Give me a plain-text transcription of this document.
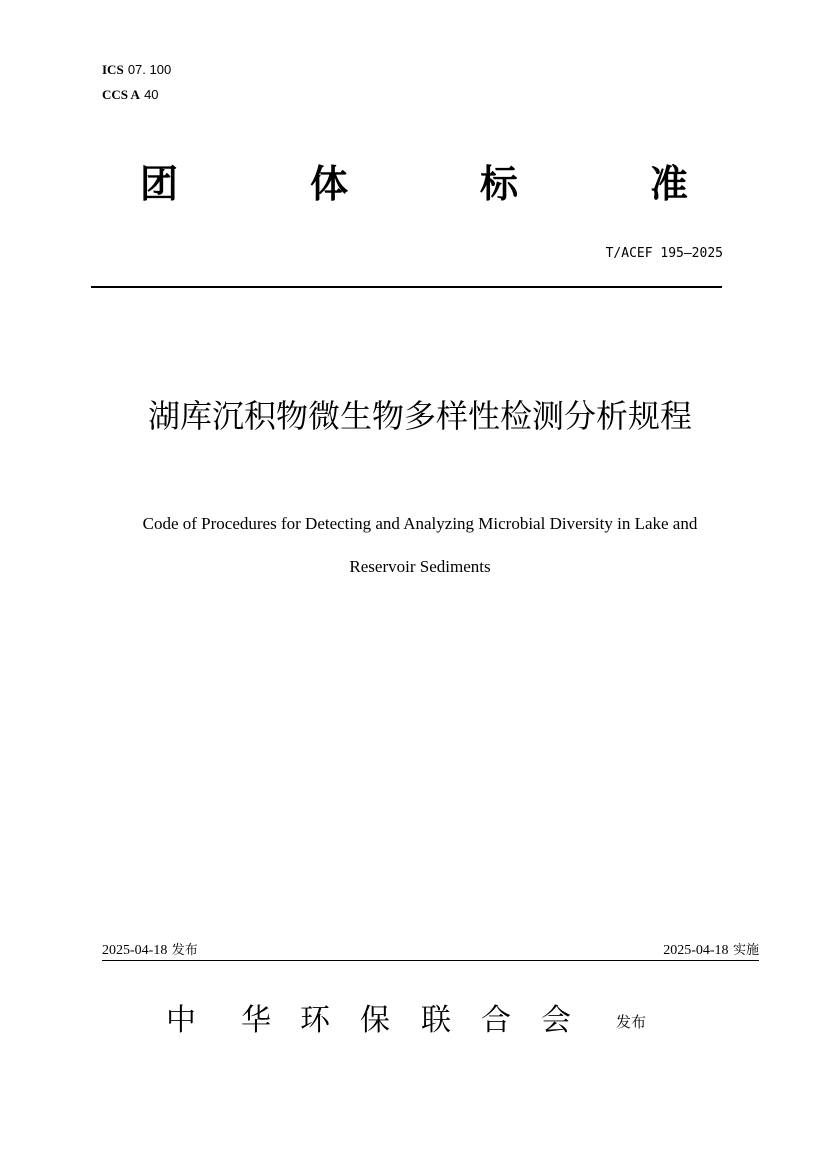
ICS 07. 100
CCS A 40
团	体	标	准
T/ACEF 195—2025
湖库沉积物微生物多样性检测分析规程
Code of Procedures for Detecting and Analyzing Microbial Diversity in Lake and
Reservoir Sediments
2025-04-18 发布	2025-04-18 实施
中 华 环 保 联 合 会	发布
